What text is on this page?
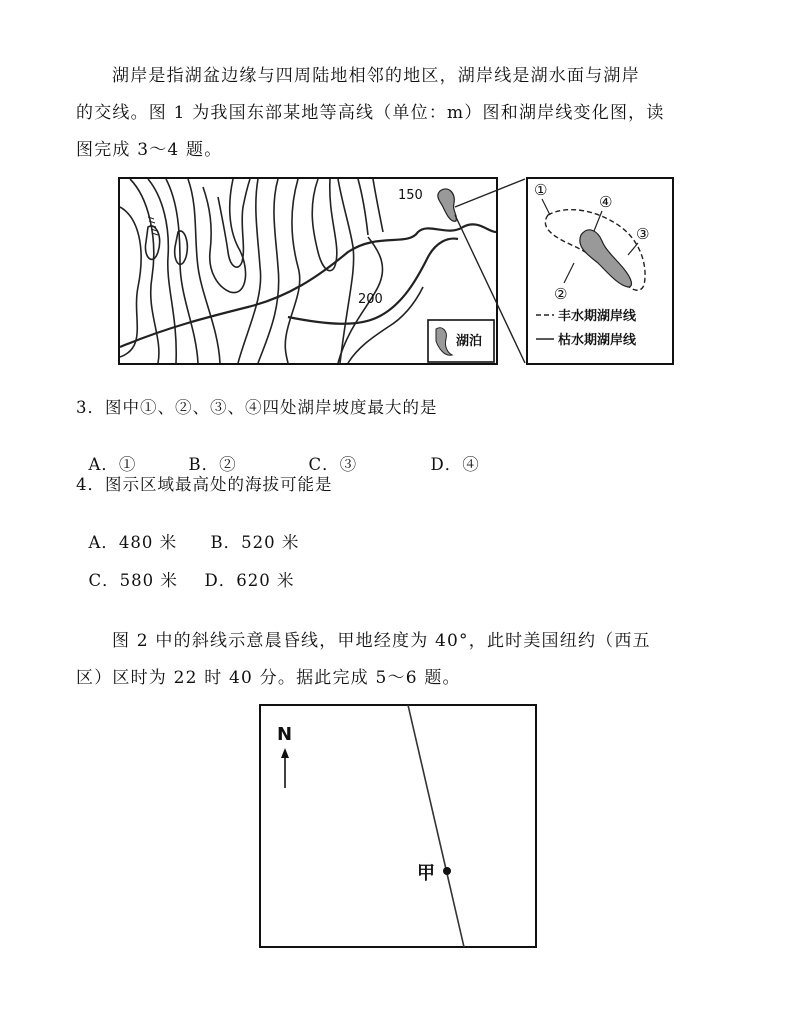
湖岸是指湖盆边缘与四周陆地相邻的地区，湖岸线是湖水面与湖岸

的交线。图 1 为我国东部某地等高线（单位：m）图和湖岸线变化图，读
图完成 3～4 题。
150
200
湖泊
①
④
③
②
丰水期湖岸线
枯水期湖岸线
3．图中①、②、③、④四处湖岸坡度最大的是

A．①	B．②	C．③	D．④

4．图示区域最高处的海拔可能是

A．480 米 B．520 米

C．580 米 D．620 米

图 2 中的斜线示意晨昏线，甲地经度为 40°，此时美国纽约（西五
区）区时为 22 时 40 分。据此完成 5～6 题。
N
甲
